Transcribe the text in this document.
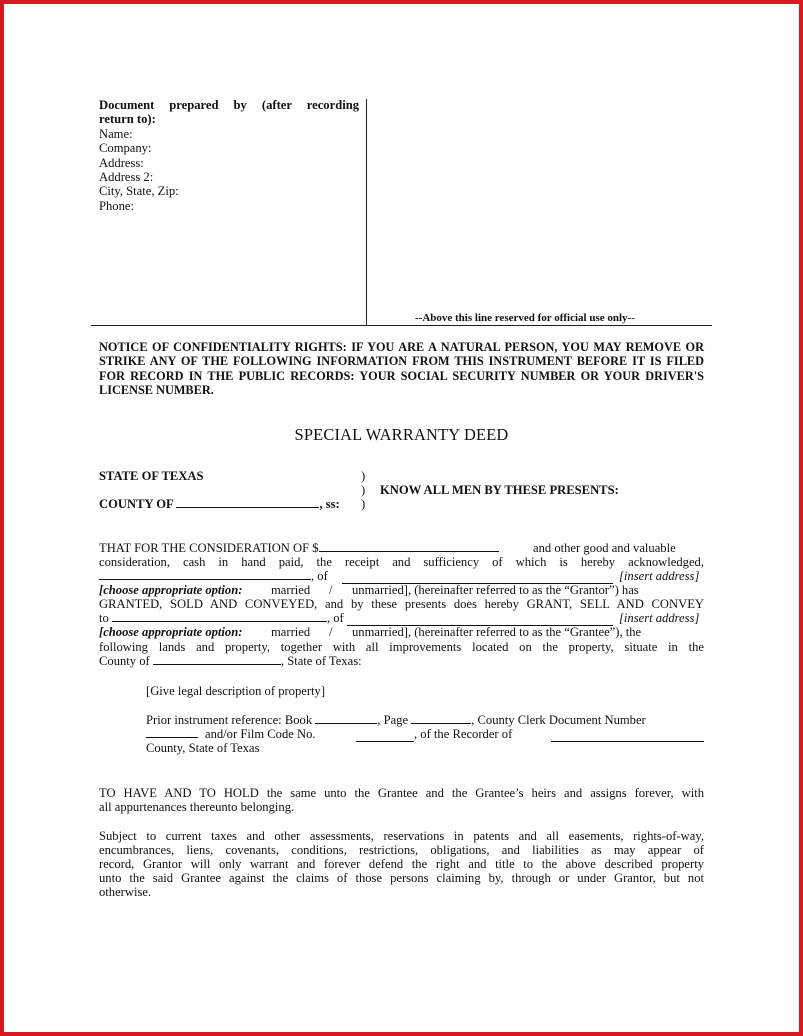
Document prepared by (after recording
return to):
Name:
Company:
Address:
Address 2:
City, State, Zip:
Phone:
--Above this line reserved for official use only--
NOTICE OF CONFIDENTIALITY RIGHTS: IF YOU ARE A NATURAL PERSON, YOU MAY REMOVE OR STRIKE ANY OF THE FOLLOWING INFORMATION FROM THIS INSTRUMENT BEFORE IT IS FILED FOR RECORD IN THE PUBLIC RECORDS: YOUR SOCIAL SECURITY NUMBER OR YOUR DRIVER'S LICENSE NUMBER.
SPECIAL WARRANTY DEED
STATE OF TEXAS
COUNTY OF	, ss:
)
)
)
KNOW ALL MEN BY THESE PRESENTS:
THAT FOR THE CONSIDERATION OF $	and other good and valuable
consideration, cash in hand paid, the receipt and sufficiency of which is hereby acknowledged,
, of	[insert address]
[choose appropriate option: married / unmarried], (hereinafter referred to as the “Grantor”) has
GRANTED, SOLD AND CONVEYED, and by these presents does hereby GRANT, SELL AND CONVEY
to	, of	[insert address]
[choose appropriate option: married / unmarried], (hereinafter referred to as the “Grantee”), the
following lands and property, together with all improvements located on the property, situate in the
County of	, State of Texas:
[Give legal description of property]
Prior instrument reference: Book	, Page	, County Clerk Document Number
and/or Film Code No.	, of the Recorder of
County, State of Texas
TO HAVE AND TO HOLD the same unto the Grantee and the Grantee’s heirs and assigns forever, with
all appurtenances thereunto belonging.
Subject to current taxes and other assessments, reservations in patents and all easements, rights-of-way,
encumbrances, liens, covenants, conditions, restrictions, obligations, and liabilities as may appear of
record, Grantor will only warrant and forever defend the right and title to the above described property
unto the said Grantee against the claims of those persons claiming by, through or under Grantor, but not
otherwise.
